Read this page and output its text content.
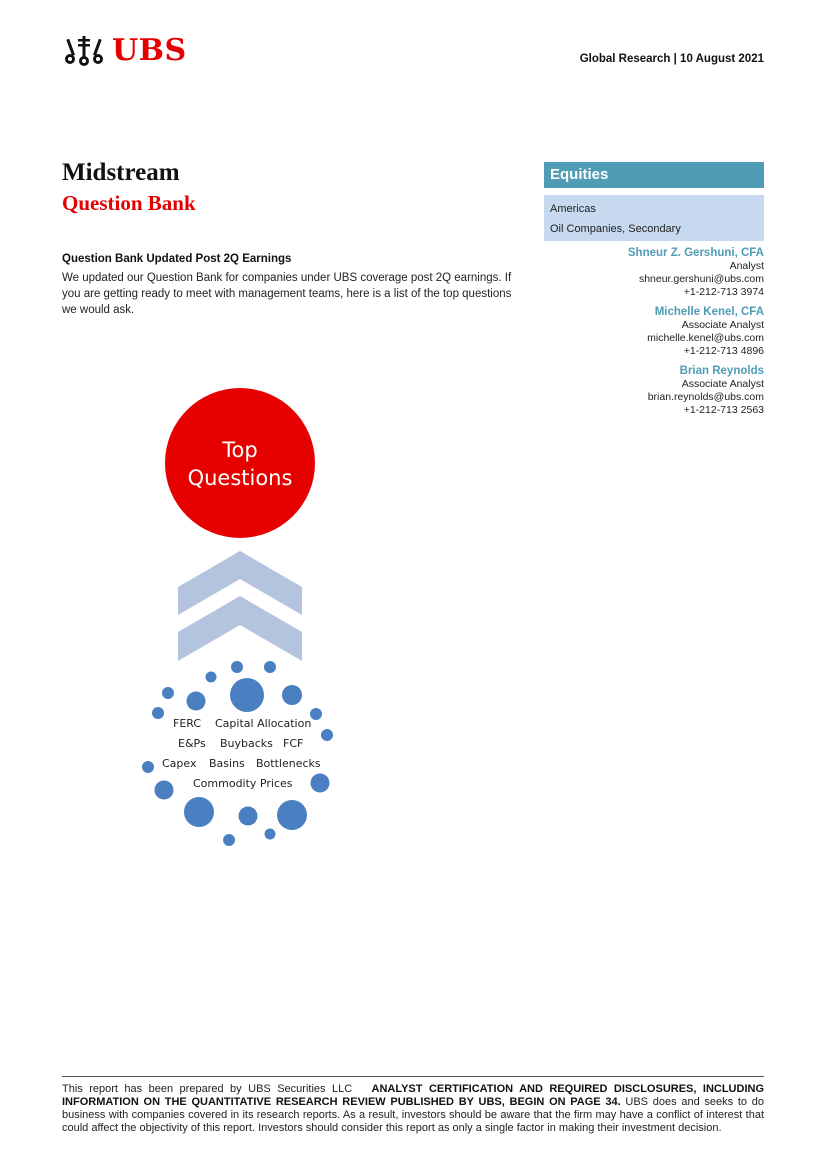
UBS	Global Research | 10 August 2021
Midstream
Question Bank
Equities
Americas
Oil Companies, Secondary
Shneur Z. Gershuni, CFA
Analyst
shneur.gershuni@ubs.com
+1-212-713 3974
Michelle Kenel, CFA
Associate Analyst
michelle.kenel@ubs.com
+1-212-713 4896
Brian Reynolds
Associate Analyst
brian.reynolds@ubs.com
+1-212-713 2563
Question Bank Updated Post 2Q Earnings

We updated our Question Bank for companies under UBS coverage post 2Q earnings. If you are getting ready to meet with management teams, here is a list of the top questions we would ask.

Top
Questions
FERC Capital Allocation
E&Ps Buybacks FCF
Capex Basins Bottlenecks
Commodity Prices

This report has been prepared by UBS Securities LLC ANALYST CERTIFICATION AND REQUIRED DISCLOSURES, INCLUDING INFORMATION ON THE QUANTITATIVE RESEARCH REVIEW PUBLISHED BY UBS, BEGIN ON PAGE 34. UBS does and seeks to do business with companies covered in its research reports. As a result, investors should be aware that the firm may have a conflict of interest that could affect the objectivity of this report. Investors should consider this report as only a single factor in making their investment decision.
